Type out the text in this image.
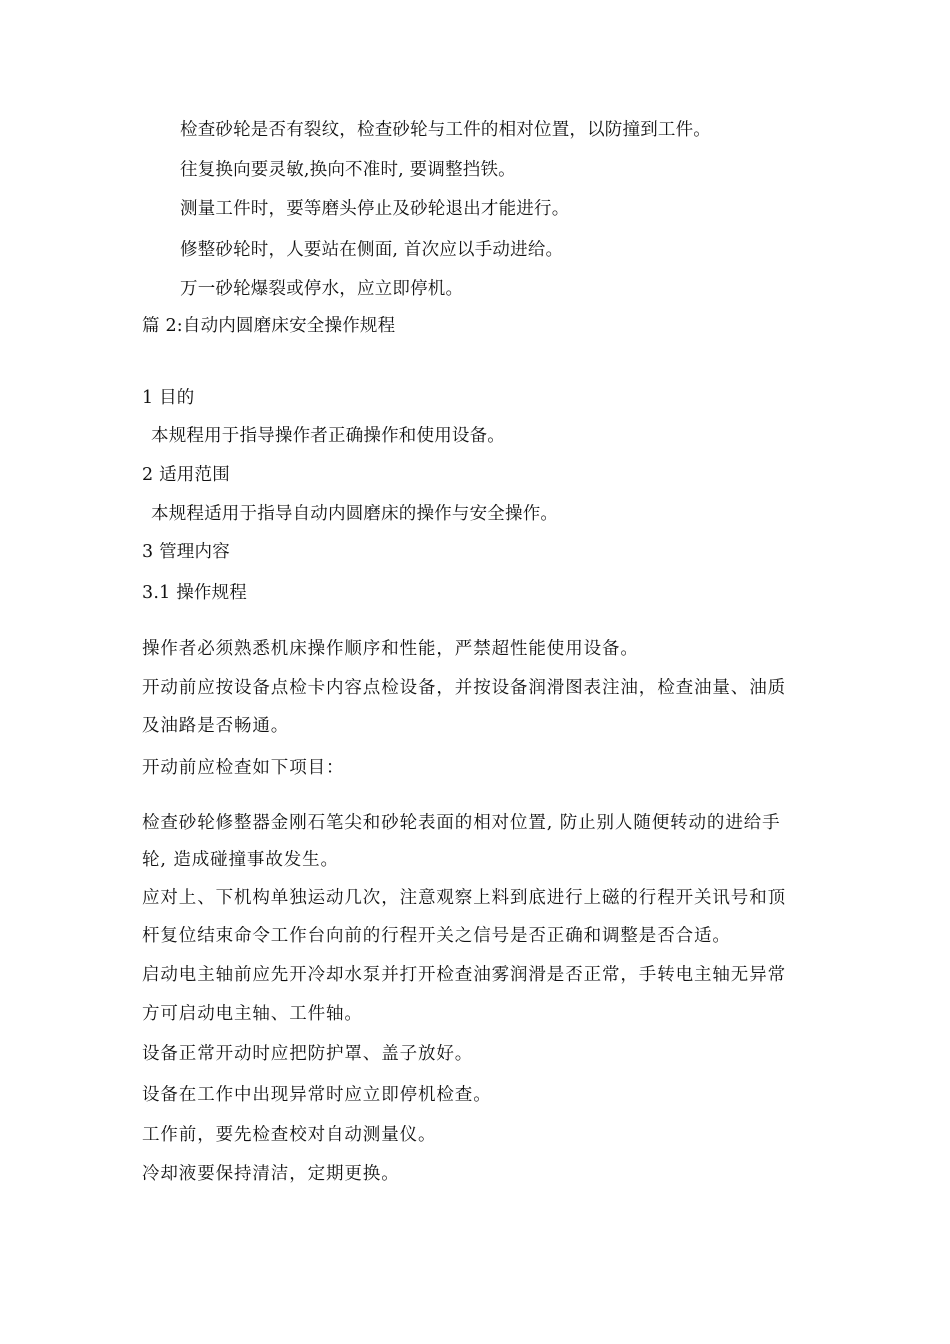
检查砂轮是否有裂纹，检查砂轮与工件的相对位置，以防撞到工件。
往复换向要灵敏,换向不准时, 要调整挡铁。
测量工件时，要等磨头停止及砂轮退出才能进行。
修整砂轮时，人要站在侧面, 首次应以手动进给。
万一砂轮爆裂或停水，应立即停机。
篇 2:自动内圆磨床安全操作规程
1 目的
本规程用于指导操作者正确操作和使用设备。
2 适用范围
本规程适用于指导自动内圆磨床的操作与安全操作。
3 管理内容
3.1 操作规程
操作者必须熟悉机床操作顺序和性能，严禁超性能使用设备。
开动前应按设备点检卡内容点检设备，并按设备润滑图表注油，检查油量、油质
及油路是否畅通。
开动前应检查如下项目：
检查砂轮修整器金刚石笔尖和砂轮表面的相对位置, 防止别人随便转动的进给手
轮, 造成碰撞事故发生。
应对上、下机构单独运动几次，注意观察上料到底进行上磁的行程开关讯号和顶
杆复位结束命令工作台向前的行程开关之信号是否正确和调整是否合适。
启动电主轴前应先开冷却水泵并打开检查油雾润滑是否正常，手转电主轴无异常
方可启动电主轴、工件轴。
设备正常开动时应把防护罩、盖子放好。
设备在工作中出现异常时应立即停机检查。
工作前，要先检查校对自动测量仪。
冷却液要保持清洁，定期更换。
